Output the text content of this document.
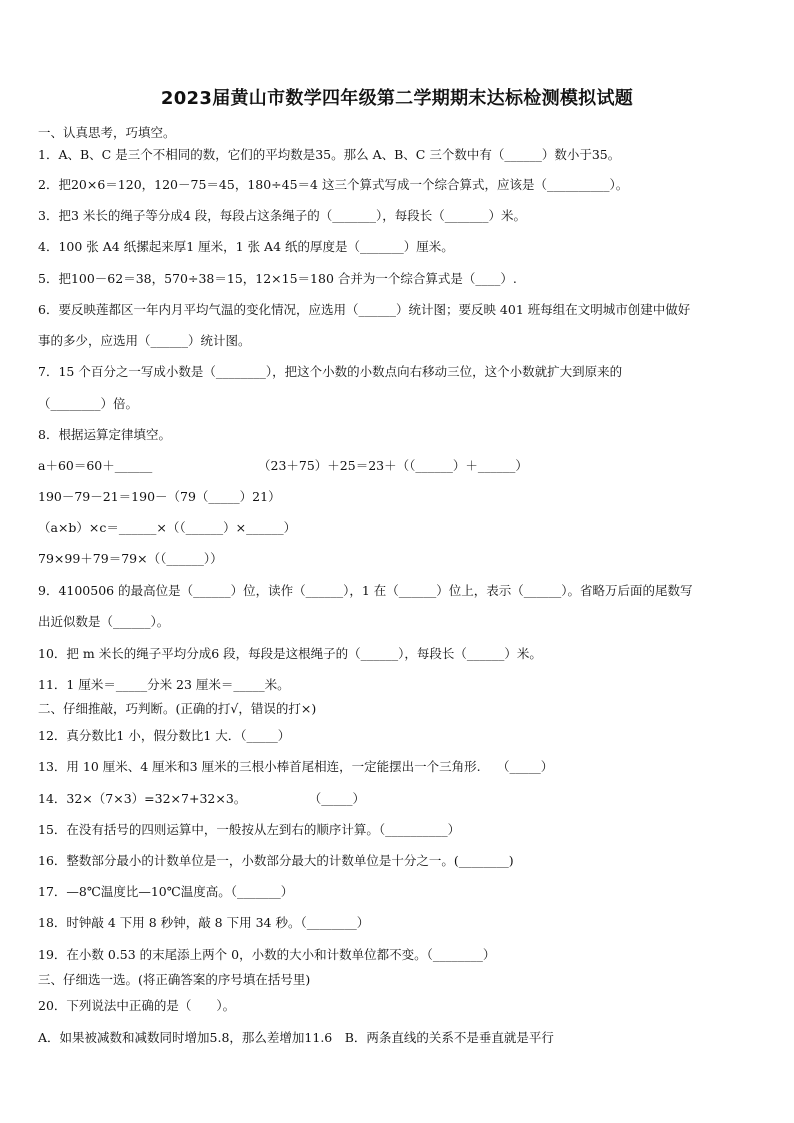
2023届黄山市数学四年级第二学期期末达标检测模拟试题
一、认真思考，巧填空。
1．A、B、C 是三个不相同的数，它们的平均数是35。那么 A、B、C 三个数中有（______）数小于35。
2．把20×6＝120，120－75＝45，180÷45＝4 这三个算式写成一个综合算式，应该是（__________）。
3．把3 米长的绳子等分成4 段，每段占这条绳子的（_______），每段长（_______）米。
4．100 张 A4 纸摞起来厚1 厘米，1 张 A4 纸的厚度是（_______）厘米。
5．把100－62＝38，570÷38＝15，12×15＝180 合并为一个综合算式是（____）.
6．要反映莲都区一年内月平均气温的变化情况，应选用（______）统计图；要反映 401 班每组在文明城市创建中做好
事的多少，应选用（______）统计图。
7．15 个百分之一写成小数是（________），把这个小数的小数点向右移动三位，这个小数就扩大到原来的
（________）倍。
8．根据运算定律填空。
a＋60＝60＋______	（23＋75）＋25＝23＋（（______）＋______）
190－79－21＝190－（79（_____）21）
（a×b）×c＝______×（（______）×______）
79×99＋79＝79×（（______））
9．4100506 的最高位是（______）位，读作（______），1 在（______）位上，表示（______）。省略万后面的尾数写
出近似数是（______）。
10．把 m 米长的绳子平均分成6 段，每段是这根绳子的（______），每段长（______）米。
11．1 厘米＝_____分米 23 厘米＝_____米。
二、仔细推敲，巧判断。(正确的打√，错误的打×)
12．真分数比1 小，假分数比1 大．（_____）
13．用 10 厘米、4 厘米和3 厘米的三根小棒首尾相连，一定能摆出一个三角形.　 （_____）
14．32×（7×3）=32×7+32×3。　　　　　　（_____）
15．在没有括号的四则运算中，一般按从左到右的顺序计算。（__________）
16．整数部分最小的计数单位是一，小数部分最大的计数单位是十分之一。(________)
17．—8℃温度比—10℃温度高。（_______）
18．时钟敲 4 下用 8 秒钟，敲 8 下用 34 秒。（________）
19．在小数 0.53 的末尾添上两个 0，小数的大小和计数单位都不变。（________）
三、仔细选一选。(将正确答案的序号填在括号里)
20．下列说法中正确的是（　　）。
A．如果被减数和减数同时增加5.8，那么差增加11.6　B．两条直线的关系不是垂直就是平行
